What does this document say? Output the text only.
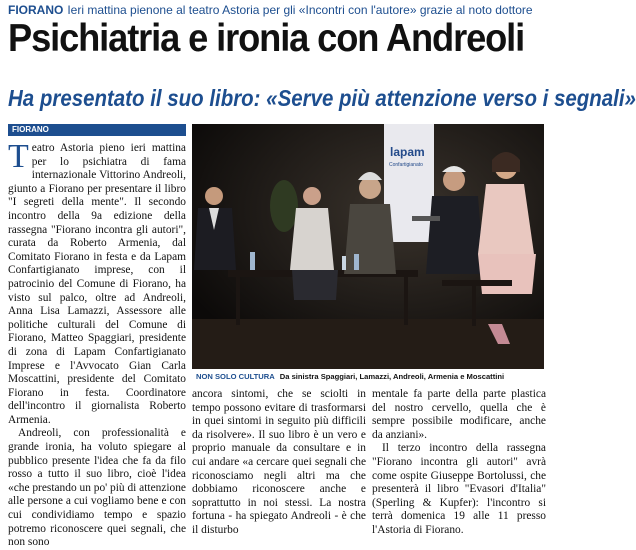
FIORANO Ieri mattina pienone al teatro Astoria per gli «Incontri con l'autore» grazie al noto dottore
Psichiatria e ironia con Andreoli
Ha presentato il suo libro: «Serve più attenzione verso i segnali»
FIORANO
Teatro Astoria pieno ieri mattina per lo psichiatra di fama internazionale Vittorino Andreoli, giunto a Fiorano per presentare il libro "I segreti della mente". Il secondo incontro della 9a edizione della rassegna "Fiorano incontra gli autori", curata da Roberto Armenia, dal Comitato Fiorano in festa e da Lapam Confartigianato imprese, con il patrocinio del Comune di Fiorano, ha visto sul palco, oltre ad Andreoli, Anna Lisa Lamazzi, Assessore alle politiche culturali del Comune di Fiorano, Matteo Spaggiari, presidente di zona di Lapam Confartigianato Imprese e l'Avvocato Gian Carla Moscattini, presidente del Comitato Fiorano in festa. Coordinatore dell'incontro il giornalista Roberto Armenia.
Andreoli, con professionalità e grande ironia, ha voluto spiegare al pubblico presente l'idea che fa da filo rosso a tutto il suo libro, cioè l'idea «che prestando un po' più di attenzione alle persone a cui vogliamo bene e con cui condividiamo tempo e spazio potremo riconoscere quei segnali, che non sono
lapam
Confartigianato
NON SOLO CULTURA Da sinistra Spaggiari, Lamazzi, Andreoli, Armenia e Moscattini
ancora sintomi, che se sciolti in tempo possono evitare di trasformarsi in quei sintomi in seguito più difficili da risolvere». Il suo libro è un vero e proprio manuale da consultare e in cui andare «a cercare quei segnali che riconosciamo negli altri ma che dobbiamo riconoscere anche e soprattutto in noi stessi. La nostra fortuna - ha spiegato Andreoli - è che il disturbo
mentale fa parte della parte plastica del nostro cervello, quella che è sempre possibile modificare, anche da anziani».
Il terzo incontro della rassegna "Fiorano incontra gli autori" avrà come ospite Giuseppe Bortolussi, che presenterà il libro "Evasori d'Italia" (Sperling & Kupfer): l'incontro si terrà domenica 19 alle 11 presso l'Astoria di Fiorano.
